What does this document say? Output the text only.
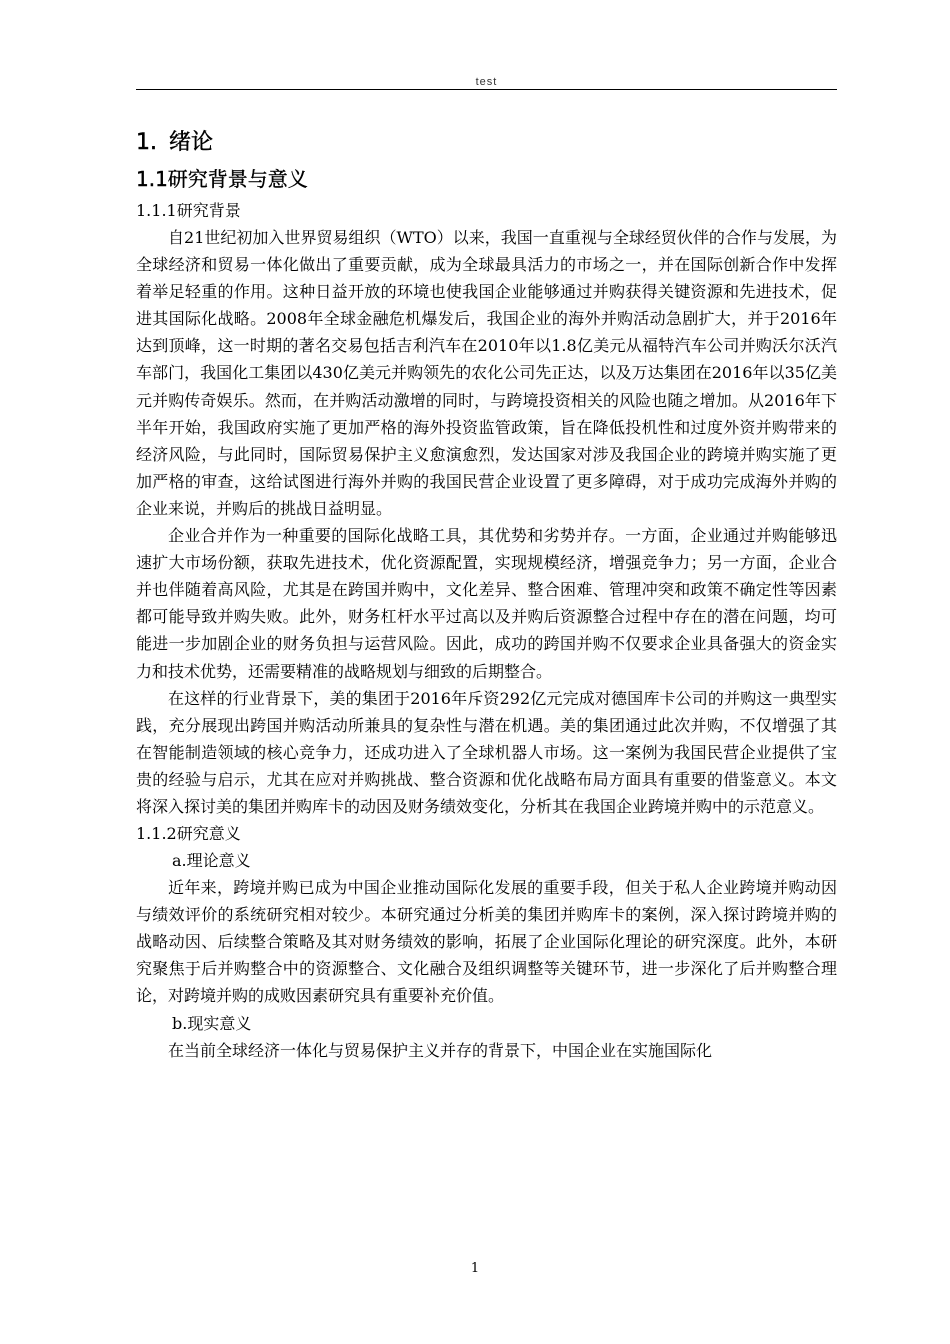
test
1. 绪论
1.1研究背景与意义
1.1.1研究背景

自21世纪初加入世界贸易组织（WTO）以来，我国一直重视与全球经贸伙伴的合作与发展，为全球经济和贸易一体化做出了重要贡献，成为全球最具活力的市场之一，并在国际创新合作中发挥着举足轻重的作用。这种日益开放的环境也使我国企业能够通过并购获得关键资源和先进技术，促进其国际化战略。2008年全球金融危机爆发后，我国企业的海外并购活动急剧扩大，并于2016年达到顶峰，这一时期的著名交易包括吉利汽车在2010年以1.8亿美元从福特汽车公司并购沃尔沃汽车部门，我国化工集团以430亿美元并购领先的农化公司先正达，以及万达集团在2016年以35亿美元并购传奇娱乐。然而，在并购活动激增的同时，与跨境投资相关的风险也随之增加。从2016年下半年开始，我国政府实施了更加严格的海外投资监管政策，旨在降低投机性和过度外资并购带来的经济风险，与此同时，国际贸易保护主义愈演愈烈，发达国家对涉及我国企业的跨境并购实施了更加严格的审查，这给试图进行海外并购的我国民营企业设置了更多障碍，对于成功完成海外并购的企业来说，并购后的挑战日益明显。

企业合并作为一种重要的国际化战略工具，其优势和劣势并存。一方面，企业通过并购能够迅速扩大市场份额，获取先进技术，优化资源配置，实现规模经济，增强竞争力；另一方面，企业合并也伴随着高风险，尤其是在跨国并购中，文化差异、整合困难、管理冲突和政策不确定性等因素都可能导致并购失败。此外，财务杠杆水平过高以及并购后资源整合过程中存在的潜在问题，均可能进一步加剧企业的财务负担与运营风险。因此，成功的跨国并购不仅要求企业具备强大的资金实力和技术优势，还需要精准的战略规划与细致的后期整合。

在这样的行业背景下，美的集团于2016年斥资292亿元完成对德国库卡公司的并购这一典型实践，充分展现出跨国并购活动所兼具的复杂性与潜在机遇。美的集团通过此次并购，不仅增强了其在智能制造领域的核心竞争力，还成功进入了全球机器人市场。这一案例为我国民营企业提供了宝贵的经验与启示，尤其在应对并购挑战、整合资源和优化战略布局方面具有重要的借鉴意义。本文将深入探讨美的集团并购库卡的动因及财务绩效变化，分析其在我国企业跨境并购中的示范意义。

1.1.2研究意义
a.理论意义

近年来，跨境并购已成为中国企业推动国际化发展的重要手段，但关于私人企业跨境并购动因与绩效评价的系统研究相对较少。本研究通过分析美的集团并购库卡的案例，深入探讨跨境并购的战略动因、后续整合策略及其对财务绩效的影响，拓展了企业国际化理论的研究深度。此外，本研究聚焦于后并购整合中的资源整合、文化融合及组织调整等关键环节，进一步深化了后并购整合理论，对跨境并购的成败因素研究具有重要补充价值。

b.现实意义

在当前全球经济一体化与贸易保护主义并存的背景下，中国企业在实施国际化

1
